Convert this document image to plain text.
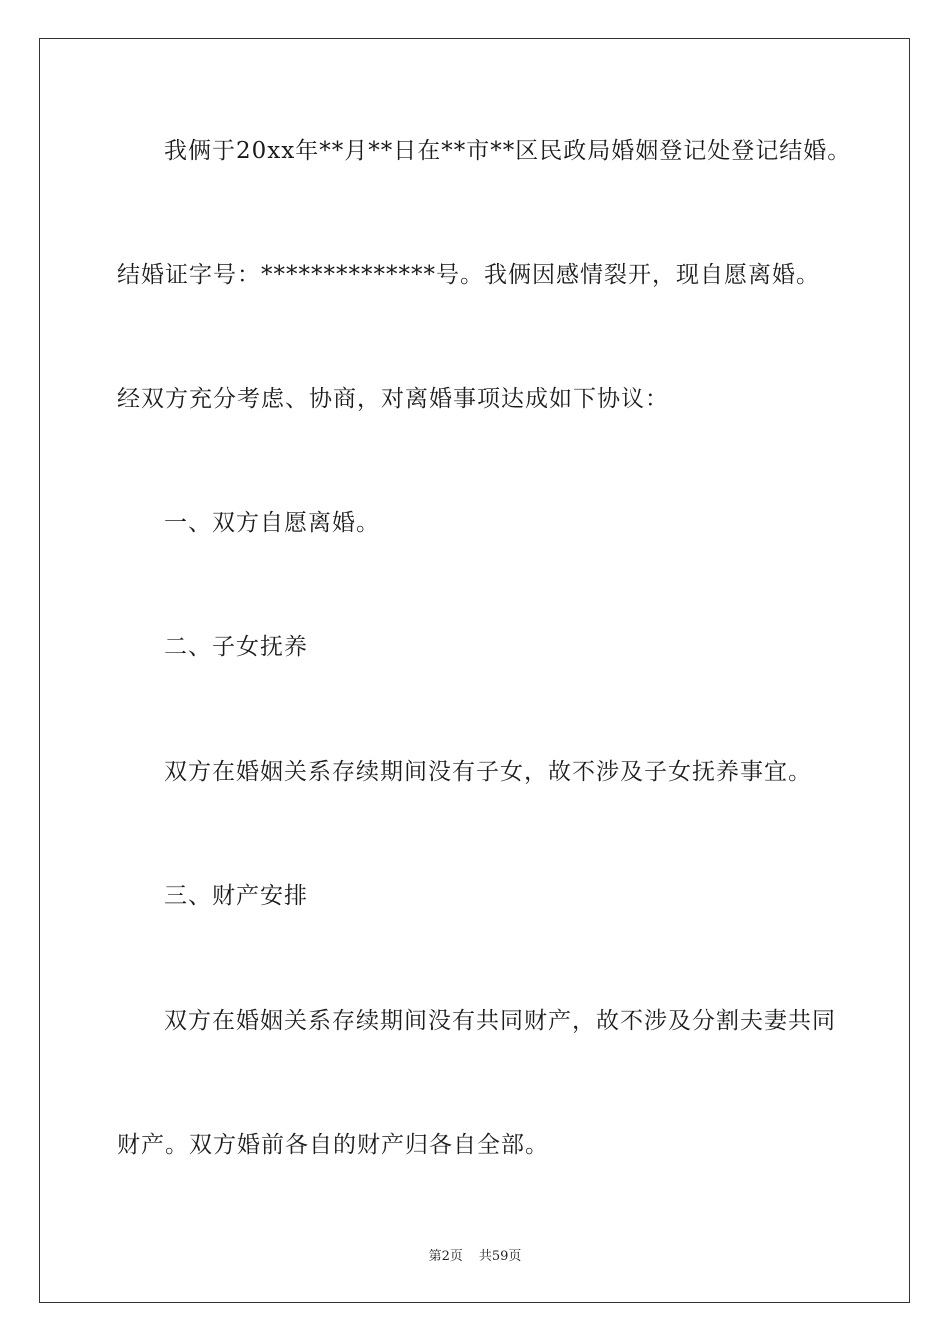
我俩于20xx年**月**日在**市**区民政局婚姻登记处登记结婚。
结婚证字号：**************号。我俩因感情裂开，现自愿离婚。
经双方充分考虑、协商，对离婚事项达成如下协议：
一、双方自愿离婚。
二、子女抚养
双方在婚姻关系存续期间没有子女，故不涉及子女抚养事宜。
三、财产安排
双方在婚姻关系存续期间没有共同财产，故不涉及分割夫妻共同
财产。双方婚前各自的财产归各自全部。
第2页 共59页
